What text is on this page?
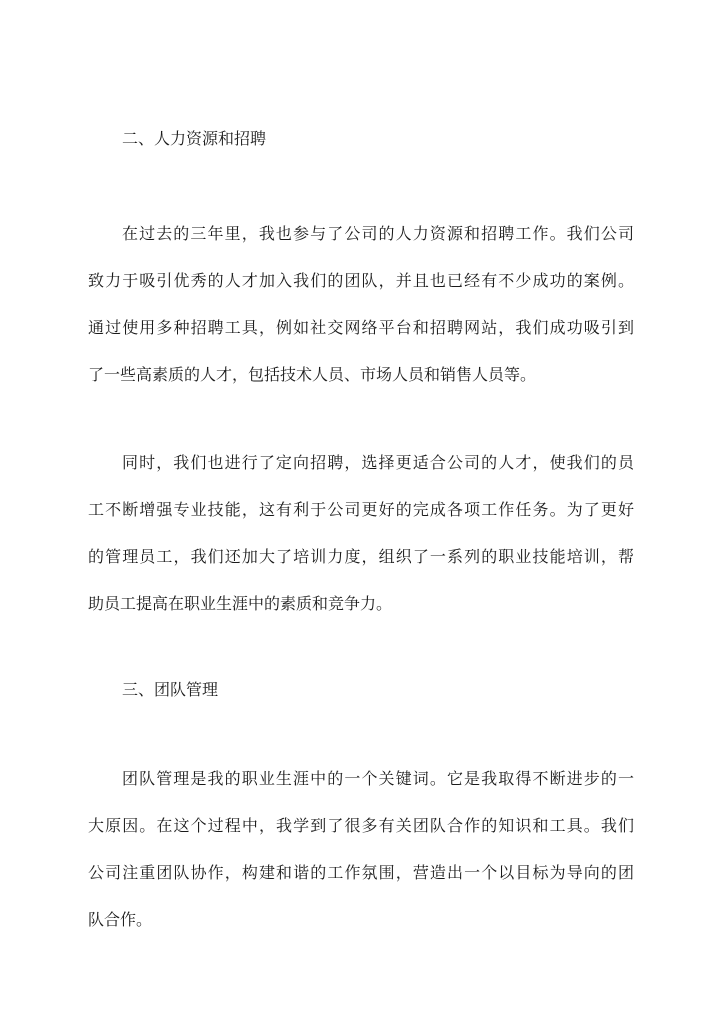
二、人力资源和招聘
在过去的三年里，我也参与了公司的人力资源和招聘工作。我们公司
致力于吸引优秀的人才加入我们的团队，并且也已经有不少成功的案例。
通过使用多种招聘工具，例如社交网络平台和招聘网站，我们成功吸引到
了一些高素质的人才，包括技术人员、市场人员和销售人员等。
同时，我们也进行了定向招聘，选择更适合公司的人才，使我们的员
工不断增强专业技能，这有利于公司更好的完成各项工作任务。为了更好
的管理员工，我们还加大了培训力度，组织了一系列的职业技能培训，帮
助员工提高在职业生涯中的素质和竞争力。
三、团队管理
团队管理是我的职业生涯中的一个关键词。它是我取得不断进步的一
大原因。在这个过程中，我学到了很多有关团队合作的知识和工具。我们
公司注重团队协作，构建和谐的工作氛围，营造出一个以目标为导向的团
队合作。
